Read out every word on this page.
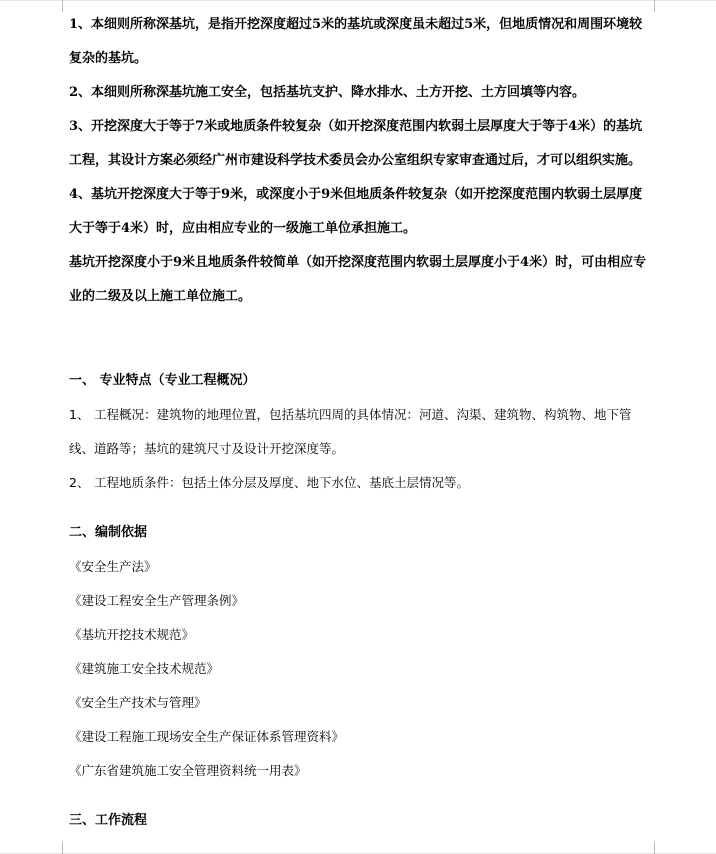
1、本细则所称深基坑，是指开挖深度超过5米的基坑或深度虽未超过5米，但地质情况和周围环境较复杂的基坑。

2、本细则所称深基坑施工安全，包括基坑支护、降水排水、土方开挖、土方回填等内容。

3、开挖深度大于等于7米或地质条件较复杂（如开挖深度范围内软弱土层厚度大于等于4米）的基坑工程，其设计方案必须经广州市建设科学技术委员会办公室组织专家审查通过后，才可以组织实施。

4、基坑开挖深度大于等于9米，或深度小于9米但地质条件较复杂（如开挖深度范围内软弱土层厚度大于等于4米）时，应由相应专业的一级施工单位承担施工。

基坑开挖深度小于9米且地质条件较简单（如开挖深度范围内软弱土层厚度小于4米）时，可由相应专业的二级及以上施工单位施工。

一、 专业特点（专业工程概况）

1、 工程概况：建筑物的地理位置，包括基坑四周的具体情况：河道、沟渠、建筑物、构筑物、地下管线、道路等；基坑的建筑尺寸及设计开挖深度等。

2、 工程地质条件：包括土体分层及厚度、地下水位、基底土层情况等。

二、编制依据

《安全生产法》

《建设工程安全生产管理条例》

《基坑开挖技术规范》

《建筑施工安全技术规范》

《安全生产技术与管理》

《建设工程施工现场安全生产保证体系管理资料》

《广东省建筑施工安全管理资料统一用表》

三、工作流程
